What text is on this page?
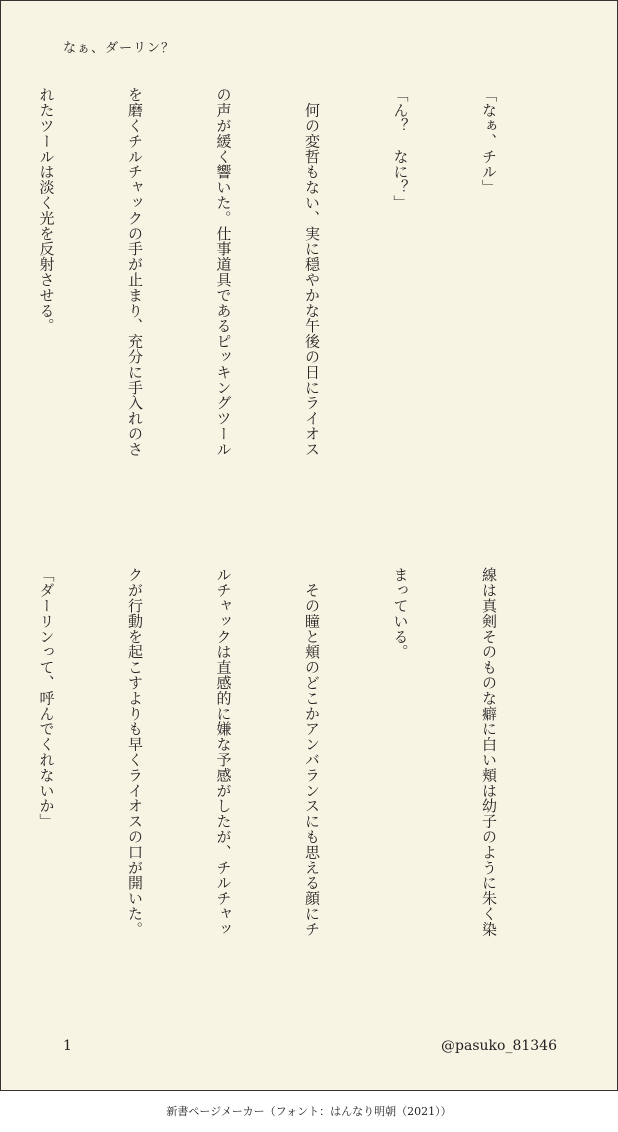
なぁ、ダーリン？

「なぁ、チル」

「ん？　なに？」

　何の変哲もない、実に穏やかな午後の日にライオス

の声が緩く響いた。仕事道具であるピッキングツール

を磨くチルチャックの手が止まり、充分に手入れのさ

れたツールは淡く光を反射させる。

線は真剣そのものな癖に白い頬は幼子のように朱く染

まっている。

　その瞳と頬のどこかアンバランスにも思える顔にチ

ルチャックは直感的に嫌な予感がしたが、チルチャッ

クが行動を起こすよりも早くライオスの口が開いた。

「ダーリンって、呼んでくれないか」

1	@pasuko_81346
新書ページメーカー（フォント：はんなり明朝（2021））
